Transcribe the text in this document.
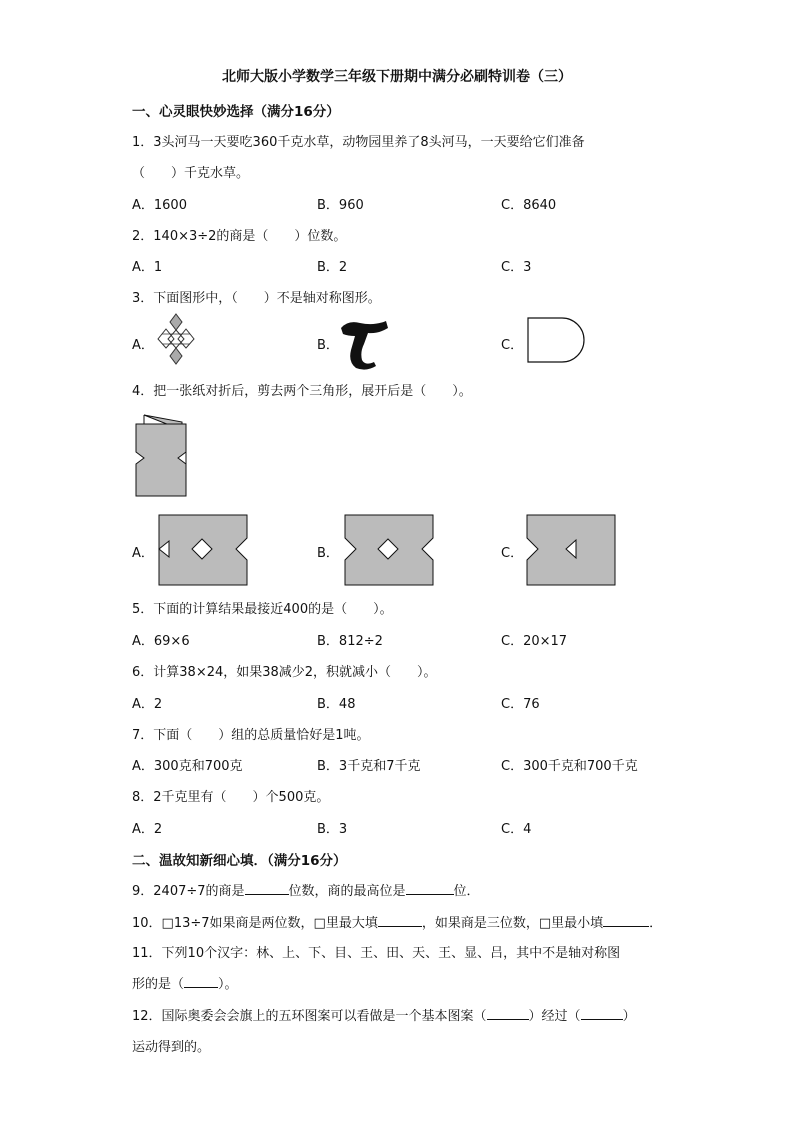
北师大版小学数学三年级下册期中满分必刷特训卷（三）
一、心灵眼快妙选择（满分16分）
1．3头河马一天要吃360千克水草，动物园里养了8头河马，一天要给它们准备
（　　）千克水草。
A．1600	B．960	C．8640
2．140×3÷2的商是（　　）位数。
A．1	B．2	C．3
3．下面图形中，（　　）不是轴对称图形。
A．	B．	C．
4．把一张纸对折后，剪去两个三角形，展开后是（　　）。
A．	B．	C．
5．下面的计算结果最接近400的是（　　）。
A．69×6	B．812÷2	C．20×17
6．计算38×24，如果38减少2，积就减小（　　）。
A．2	B．48	C．76
7．下面（　　）组的总质量恰好是1吨。
A．300克和700克	B．3千克和7千克	C．300千克和700千克
8．2千克里有（　　）个500克。
A．2	B．3	C．4
二、温故知新细心填．（满分16分）
9．2407÷7的商是	位数，商的最高位是	位．
10．□13÷7如果商是两位数，□里最大填	，如果商是三位数，□里最小填	．
11．下列10个汉字：林、上、下、目、王、田、天、王、显、吕，其中不是轴对称图
形的是（	）。
12．国际奥委会会旗上的五环图案可以看做是一个基本图案（	）经过（	）
运动得到的。
